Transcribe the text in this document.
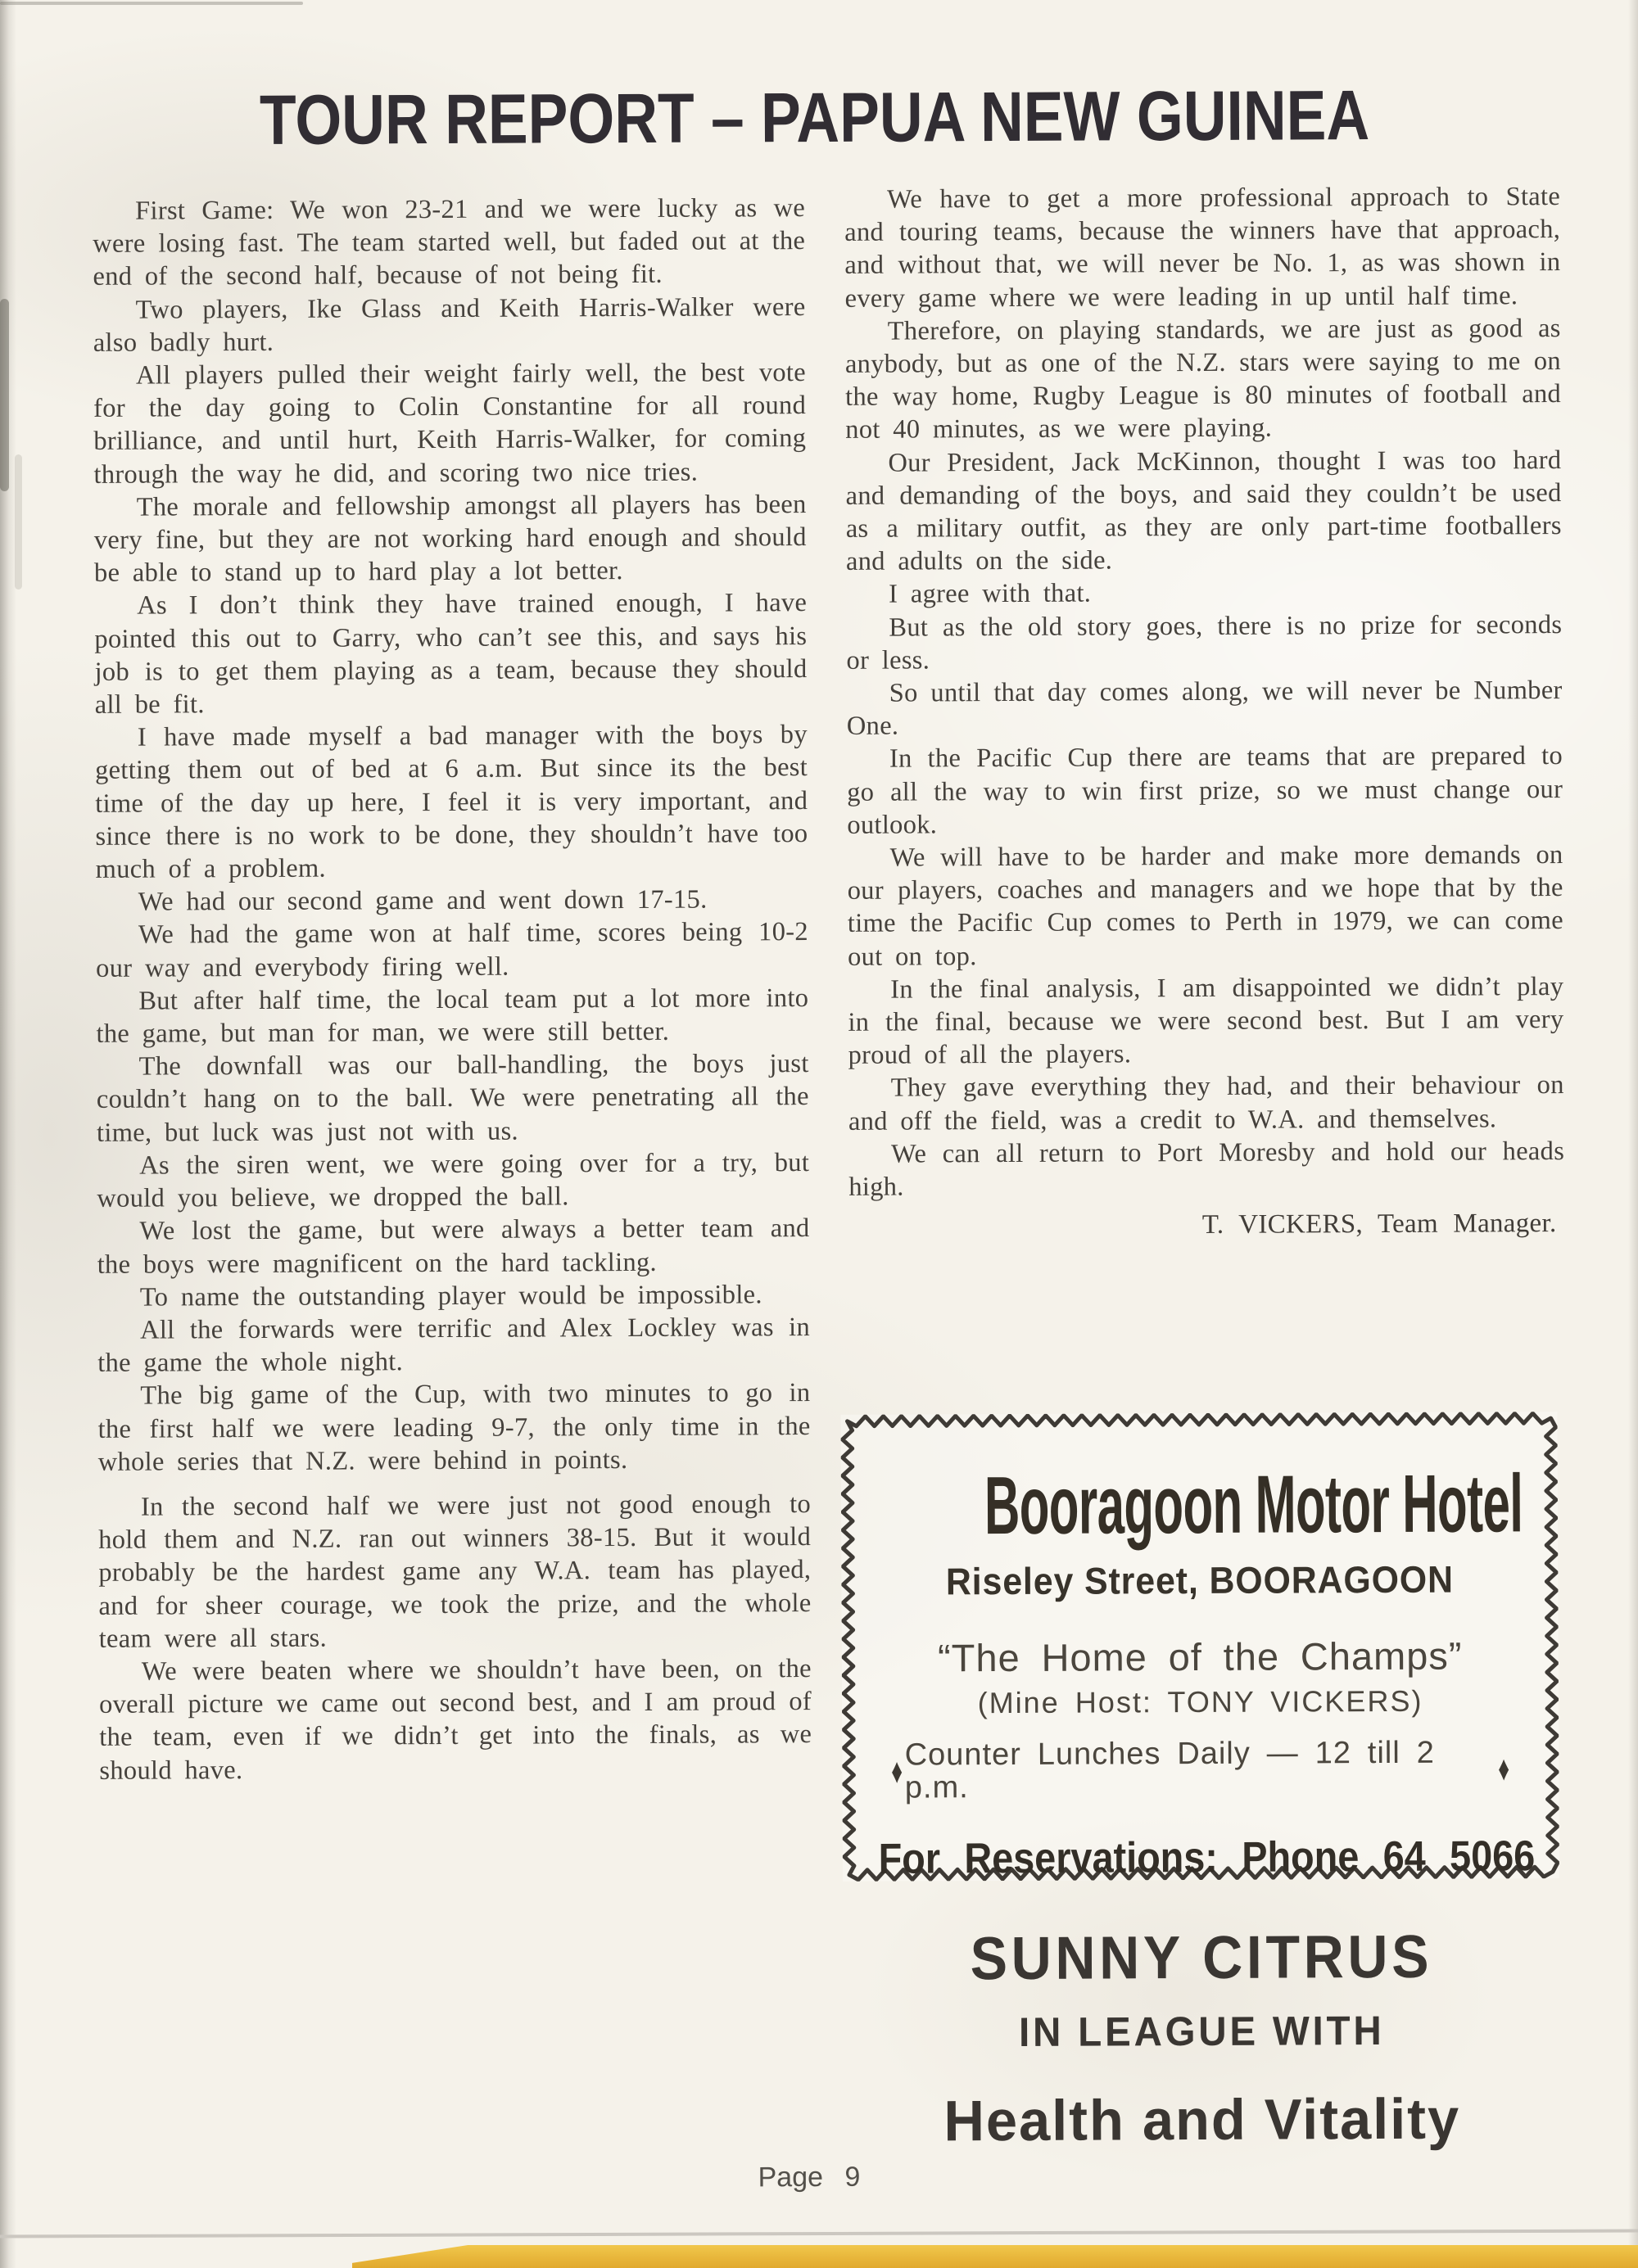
TOUR REPORT – PAPUA NEW GUINEA

First Game: We won 23-21 and we were lucky as we were losing fast. The team started well, but faded out at the end of the second half, because of not being fit.

Two players, Ike Glass and Keith Harris-Walker were also badly hurt.

All players pulled their weight fairly well, the best vote for the day going to Colin Constantine for all round brilliance, and until hurt, Keith Harris-Walker, for coming through the way he did, and scoring two nice tries.

The morale and fellowship amongst all players has been very fine, but they are not working hard enough and should be able to stand up to hard play a lot better.

As I don’t think they have trained enough, I have pointed this out to Garry, who can’t see this, and says his job is to get them playing as a team, because they should all be fit.

I have made myself a bad manager with the boys by getting them out of bed at 6 a.m. But since its the best time of the day up here, I feel it is very important, and since there is no work to be done, they shouldn’t have too much of a problem.

We had our second game and went down 17-15.

We had the game won at half time, scores being 10-2 our way and everybody firing well.

But after half time, the local team put a lot more into the game, but man for man, we were still better.

The downfall was our ball-handling, the boys just couldn’t hang on to the ball. We were penetrating all the time, but luck was just not with us.

As the siren went, we were going over for a try, but would you believe, we dropped the ball.

We lost the game, but were always a better team and the boys were magnificent on the hard tackling.

To name the outstanding player would be impossible.

All the forwards were terrific and Alex Lockley was in the game the whole night.

The big game of the Cup, with two minutes to go in the first half we were leading 9-7, the only time in the whole series that N.Z. were behind in points.

In the second half we were just not good enough to hold them and N.Z. ran out winners 38-15. But it would probably be the hardest game any W.A. team has played, and for sheer courage, we took the prize, and the whole team were all stars.

We were beaten where we shouldn’t have been, on the overall picture we came out second best, and I am proud of the team, even if we didn’t get into the finals, as we should have.

We have to get a more professional approach to State and touring teams, because the winners have that approach, and without that, we will never be No. 1, as was shown in every game where we were leading in up until half time.

Therefore, on playing standards, we are just as good as anybody, but as one of the N.Z. stars were saying to me on the way home, Rugby League is 80 minutes of football and not 40 minutes, as we were playing.

Our President, Jack McKinnon, thought I was too hard and demanding of the boys, and said they couldn’t be used as a military outfit, as they are only part-time footballers and adults on the side.

I agree with that.

But as the old story goes, there is no prize for seconds or less.

So until that day comes along, we will never be Number One.

In the Pacific Cup there are teams that are prepared to go all the way to win first prize, so we must change our outlook.

We will have to be harder and make more demands on our players, coaches and managers and we hope that by the time the Pacific Cup comes to Perth in 1979, we can come out on top.

In the final analysis, I am disappointed we didn’t play in the final, because we were second best. But I am very proud of all the players.

They gave everything they had, and their behaviour on and off the field, was a credit to W.A. and themselves.

We can all return to Port Moresby and hold our heads high.

T. VICKERS, Team Manager.
Booragoon Motor Hotel
Riseley Street, BOORAGOON
“The Home of the Champs”
(Mine Host: TONY VICKERS)
♦ Counter Lunches Daily — 12 till 2 p.m.	♦
For Reservations: Phone 64 5066
SUNNY CITRUS
IN LEAGUE WITH
Health and Vitality
Page 9
